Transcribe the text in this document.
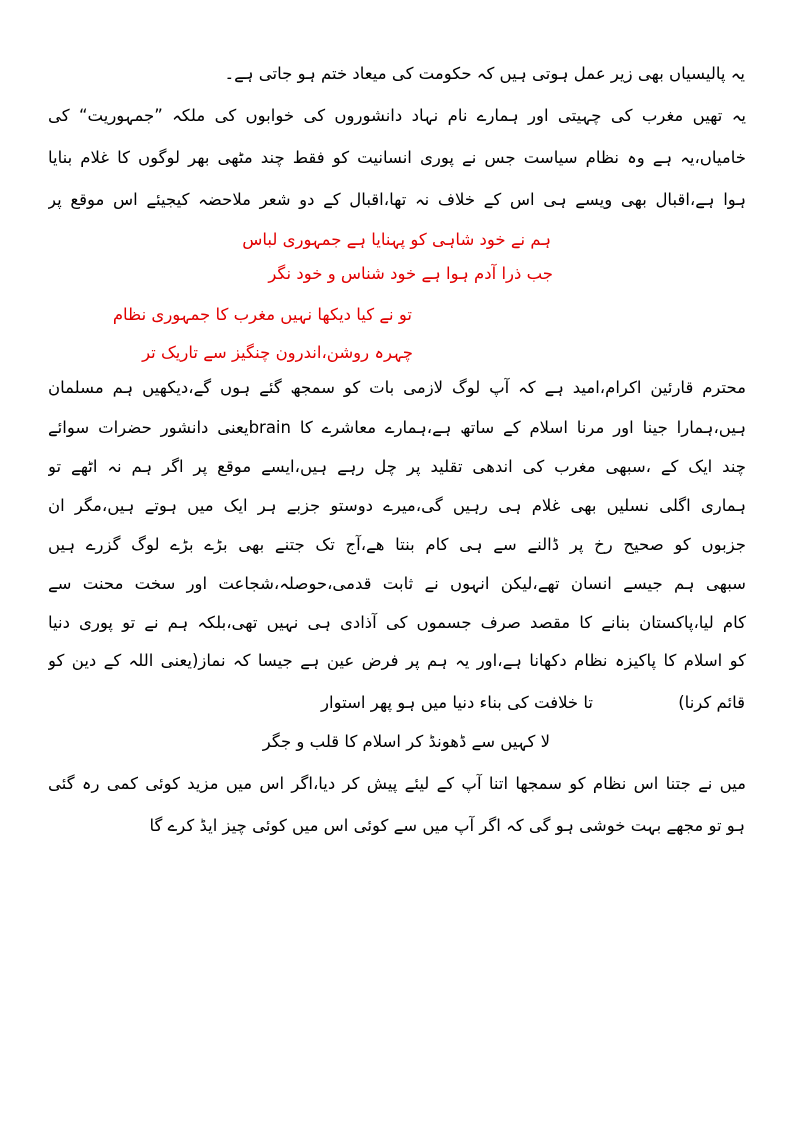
یہ پالیسیاں بھی زیر عمل ہوتی ہیں کہ حکومت کی میعاد ختم ہو جاتی ہے۔
یہ تھیں مغرب کی چہیتی اور ہمارے نام نہاد دانشوروں کی خوابوں کی ملکہ ”جمہوریت“ کی
خامیاں،یہ ہے وہ نظام سیاست جس نے پوری انسانیت کو فقط چند مٹھی بھر لوگوں کا غلام بنایا
ہوا ہے،اقبال بھی ویسے ہی اس کے خلاف نہ تھا،اقبال کے دو شعر ملاحضہ کیجیئے اس موقع پر
ہم نے خود شاہی کو پہنایا ہے جمہوری لباس
جب ذرا آدم ہوا ہے خود شناس و خود نگر
تو نے کیا دیکھا نہیں مغرب کا جمہوری نظام
چہرہ روشن،اندرون چنگیز سے تاریک تر
محترم قارئین اکرام،امید ہے کہ آپ لوگ لازمی بات کو سمجھ گئے ہوں گے،دیکھیں ہم مسلمان
ہیں،ہمارا جینا اور مرنا اسلام کے ساتھ ہے،ہمارے معاشرے کا brainیعنی دانشور حضرات سوائے
چند ایک کے ،سبھی مغرب کی اندھی تقلید پر چل رہے ہیں،ایسے موقع پر اگر ہم نہ اٹھے تو
ہماری اگلی نسلیں بھی غلام ہی رہیں گی،میرے دوستو جزبے ہر ایک میں ہوتے ہیں،مگر ان
جزبوں کو صحیح رخ پر ڈالنے سے ہی کام بنتا ھے،آج تک جتنے بھی بڑے بڑے لوگ گزرے ہیں
سبھی ہم جیسے انسان تھے،لیکن انہوں نے ثابت قدمی،حوصلہ،شجاعت اور سخت محنت سے
کام لیا،پاکستان بنانے کا مقصد صرف جسموں کی آذادی ہی نہیں تھی،بلکہ ہم نے تو پوری دنیا
کو اسلام کا پاکیزہ نظام دکھانا ہے،اور یہ ہم پر فرض عین ہے جیسا کہ نماز(یعنی اللہ کے دین کو
قائم کرنا)
تا خلافت کی بناء دنیا میں ہو پھر استوار
لا کہیں سے ڈھونڈ کر اسلام کا قلب و جگر
میں نے جتنا اس نظام کو سمجھا اتنا آپ کے لیئے پیش کر دیا،اگر اس میں مزید کوئی کمی رہ گئی
ہو تو مجھے بہت خوشی ہو گی کہ اگر آپ میں سے کوئی اس میں کوئی چیز ایڈ کرے گا
